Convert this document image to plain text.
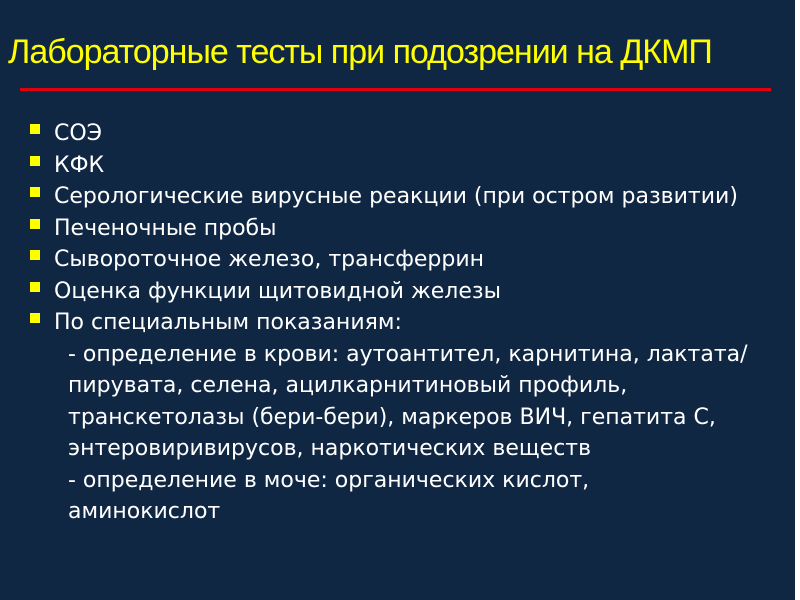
Лабораторные тесты при подозрении на ДКМП
СОЭ
КФК
Серологические вирусные реакции (при остром развитии)
Печеночные пробы
Сывороточное железо, трансферрин
Оценка функции щитовидной железы
По специальным показаниям:

- определение в крови: аутоантител, карнитина, лактата/пирувата, селена, ацилкарнитиновый профиль, транскетолазы (бери-бери), маркеров ВИЧ, гепатита С, энтеровиривирусов, наркотических веществ

- определение в моче: органических кислот, аминокислот
